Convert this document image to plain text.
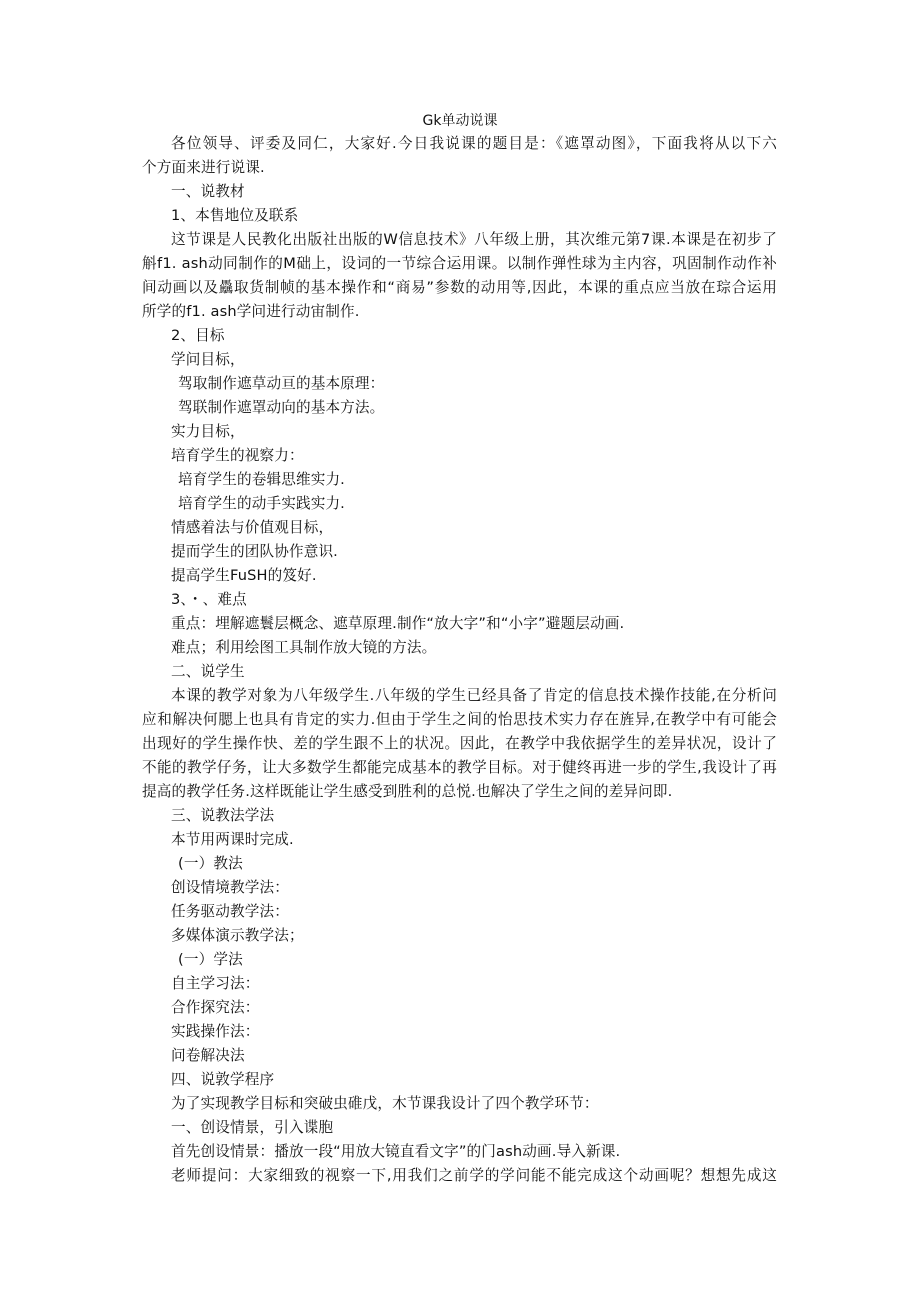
Gk单动说课
各位领导、评委及同仁，大家好.今日我说课的题目是：《遮罩动图》，下面我将从以下六
个方面来进行说课.
一、说教材
1、本售地位及联系
这节课是人民教化出版社出版的W信息技术》八年级上册，其次维元第7课.本课是在初步了
斛f1. ash动同制作的M础上，设词的一节综合运用课。以制作弹性球为主内容，巩固制作动作补
间动画以及驫取货制帧的基本操作和“商易”参数的动用等,因此，本课的重点应当放在琮合运用
所学的f1. ash学问进行动宙制作.
2、目标
学问目标，
驾取制作遮草动亘的基本原理：
驾联制作遮罩动向的基本方法。
实力目标，
培育学生的视察力：
培育学生的卷辑思维实力.
培育学生的动手实践实力.
情感着法与价值观目标，
提而学生的团队协作意识.
提高学生FuSH的笈好.
3、・、难点
重点：埋解遮鬟层概念、遮草原理.制作“放大字”和“小字”避题层动画.
难点；利用绘图工具制作放大镜的方法。
二、说学生
本课的教学对象为八年级学生.八年级的学生已经具备了肯定的信息技术操作技能,在分析问
应和解决何腮上也具有肯定的实力.但由于学生之间的怡思技术实力存在旌异,在教学中有可能会
出现好的学生操作快、差的学生跟不上的状况。因此，在教学中我依据学生的差异状况，设计了
不能的教学仔务，让大多数学生都能完成基本的教学目标。对于健终再进一步的学生,我设计了再
提高的教学任务.这样既能让学生感受到胜利的总悦.也解决了学生之间的差异问即.
三、说教法学法
本节用两课时完成.
(一）教法
创设情境教学法：
任务驱动教学法：
多媒体演示教学法；
(一）学法
自主学习法：
合作探究法：
实践操作法：
问卷解决法
四、说敦学程序
为了实现教学目标和突破虫碓戊，木节课我设计了四个教学环节：
一、创设情景，引入谍胞
首先创设情景：播放一段“用放大镜直看文字”的门ash动画.导入新课.
老师提问：大家细致的视察一下,用我们之前学的学问能不能完成这个动画呢？想想先成这
